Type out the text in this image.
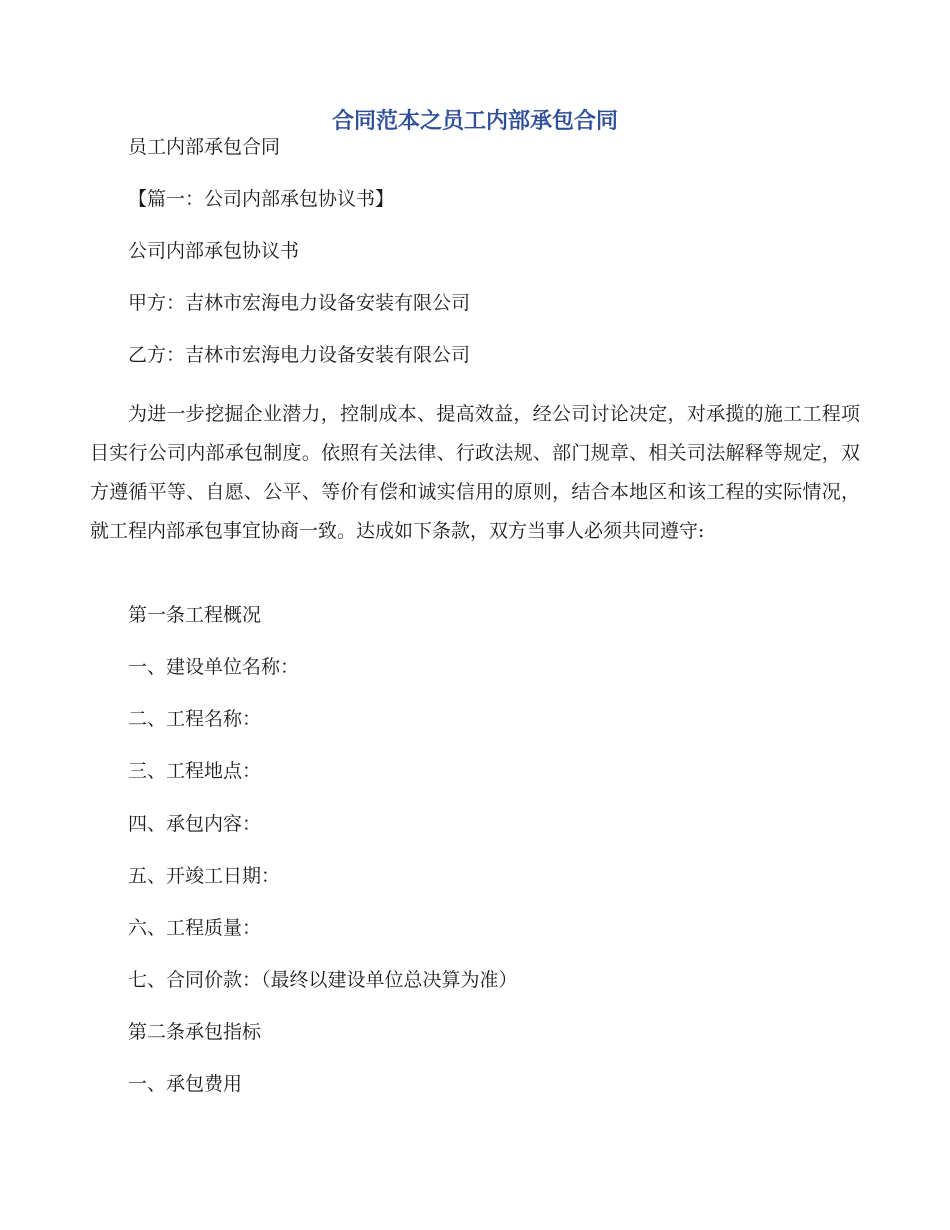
合同范本之员工内部承包合同

员工内部承包合同

【篇一：公司内部承包协议书】

公司内部承包协议书

甲方：吉林市宏海电力设备安装有限公司

乙方：吉林市宏海电力设备安装有限公司

为进一步挖掘企业潜力，控制成本、提高效益，经公司讨论决定，对承揽的施工工程项目实行公司内部承包制度。依照有关法律、行政法规、部门规章、相关司法解释等规定，双方遵循平等、自愿、公平、等价有偿和诚实信用的原则，结合本地区和该工程的实际情况，就工程内部承包事宜协商一致。达成如下条款，双方当事人必须共同遵守:

第一条工程概况

一、建设单位名称：

二、工程名称：

三、工程地点：

四、承包内容：

五、开竣工日期：

六、工程质量：

七、合同价款：（最终以建设单位总决算为准）

第二条承包指标

一、承包费用
